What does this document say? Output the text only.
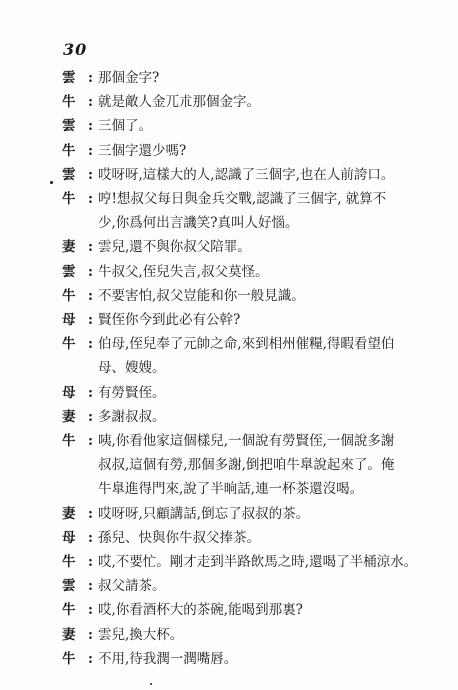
30
雲 : 那個金字?
牛 : 就是敵人金兀朮那個金字。
雲 : 三個了。
牛 : 三個字還少嗎?
雲 : 哎呀呀,這樣大的人,認識了三個字,也在人前誇口。
牛 : 哼!想叔父每日與金兵交戰,認識了三個字, 就算不
少,你爲何出言譏笑?真叫人好惱。
妻 : 雲兒,還不與你叔父陪罪。
雲 : 牛叔父,侄兒失言,叔父莫怪。
牛 : 不要害怕,叔父豈能和你一般見識。
母 : 賢侄你今到此必有公幹?
牛 : 伯母,侄兒奉了元帥之命,來到相州催糧,得暇看望伯
母、嫂嫂。
母 : 有勞賢侄。
妻 : 多謝叔叔。
牛 : 咦,你看他家這個樣兒,一個說有勞賢侄,一個說多謝
叔叔,這個有勞,那個多謝,倒把咱牛臯說起來了。俺
牛臯進得門來,說了半晌話,連一杯茶還沒喝。
妻 : 哎呀呀,只顧講話,倒忘了叔叔的茶。
母 : 孫兒、快與你牛叔父捧茶。
牛 : 哎,不要忙。剛才走到半路飲馬之時,還喝了半桶涼水。
雲 : 叔父請茶。
牛 : 哎,你看酒杯大的茶碗,能喝到那裏?
妻 : 雲兒,換大杯。
牛 : 不用,待我潤一潤嘴唇。
